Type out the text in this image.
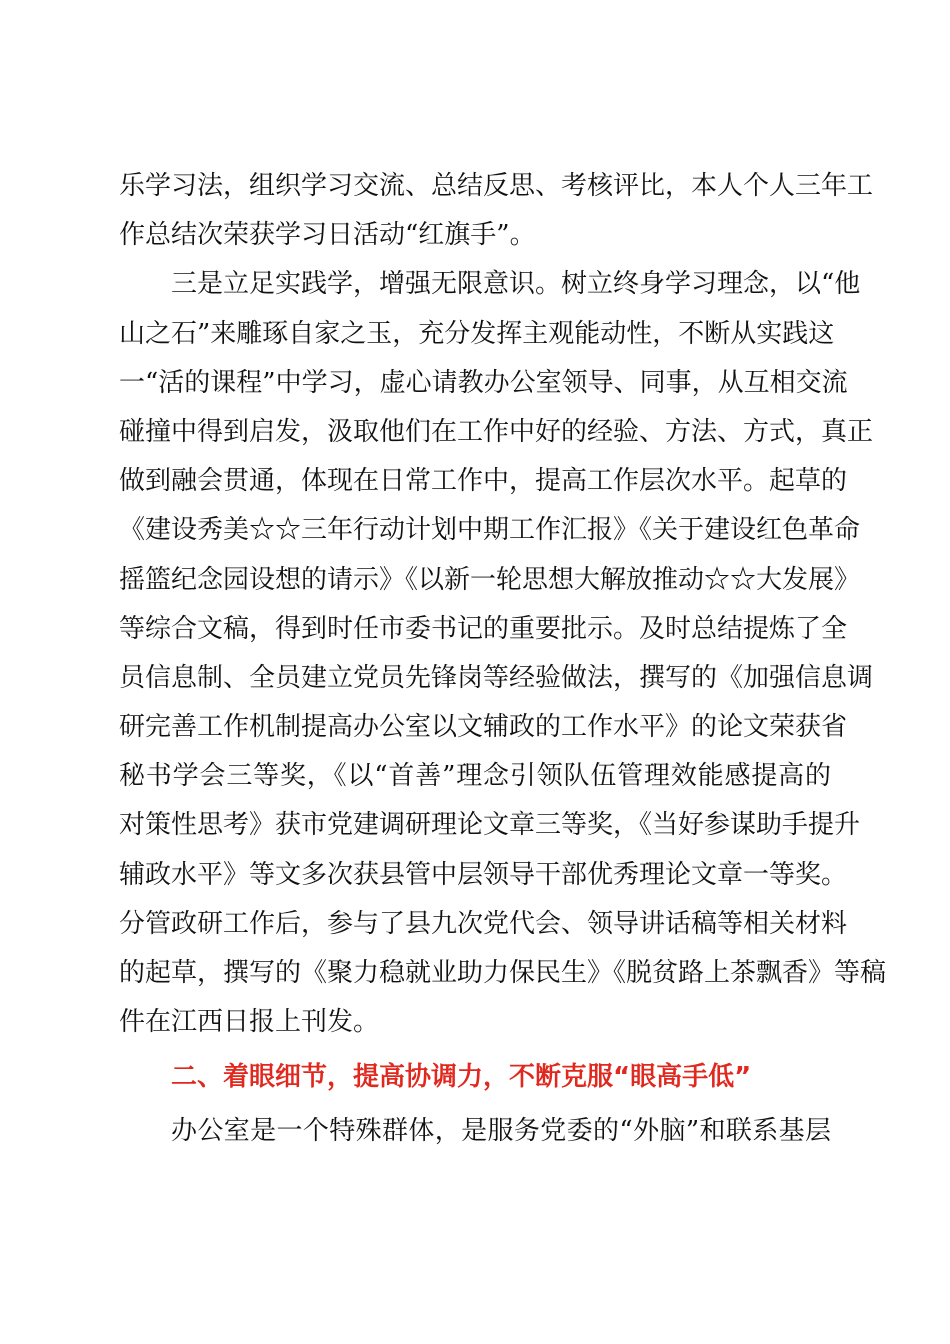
乐学习法，组织学习交流、总结反思、考核评比，本人个人三年工
作总结次荣获学习日活动“红旗手”。
三是立足实践学，增强无限意识。树立终身学习理念，以“他
山之石”来雕琢自家之玉，充分发挥主观能动性，不断从实践这
一“活的课程”中学习，虚心请教办公室领导、同事，从互相交流
碰撞中得到启发，汲取他们在工作中好的经验、方法、方式，真正
做到融会贯通，体现在日常工作中，提高工作层次水平。起草的
《建设秀美☆☆三年行动计划中期工作汇报》《关于建设红色革命
摇篮纪念园设想的请示》《以新一轮思想大解放推动☆☆大发展》
等综合文稿，得到时任市委书记的重要批示。及时总结提炼了全
员信息制、全员建立党员先锋岗等经验做法，撰写的《加强信息调
研完善工作机制提高办公室以文辅政的工作水平》的论文荣获省
秘书学会三等奖，《以“首善”理念引领队伍管理效能感提高的
对策性思考》获市党建调研理论文章三等奖，《当好参谋助手提升
辅政水平》等文多次获县管中层领导干部优秀理论文章一等奖。
分管政研工作后，参与了县九次党代会、领导讲话稿等相关材料
的起草，撰写的《聚力稳就业助力保民生》《脱贫路上茶飘香》等稿
件在江西日报上刊发。
二、着眼细节，提高协调力，不断克服“眼高手低”
办公室是一个特殊群体，是服务党委的“外脑”和联系基层
